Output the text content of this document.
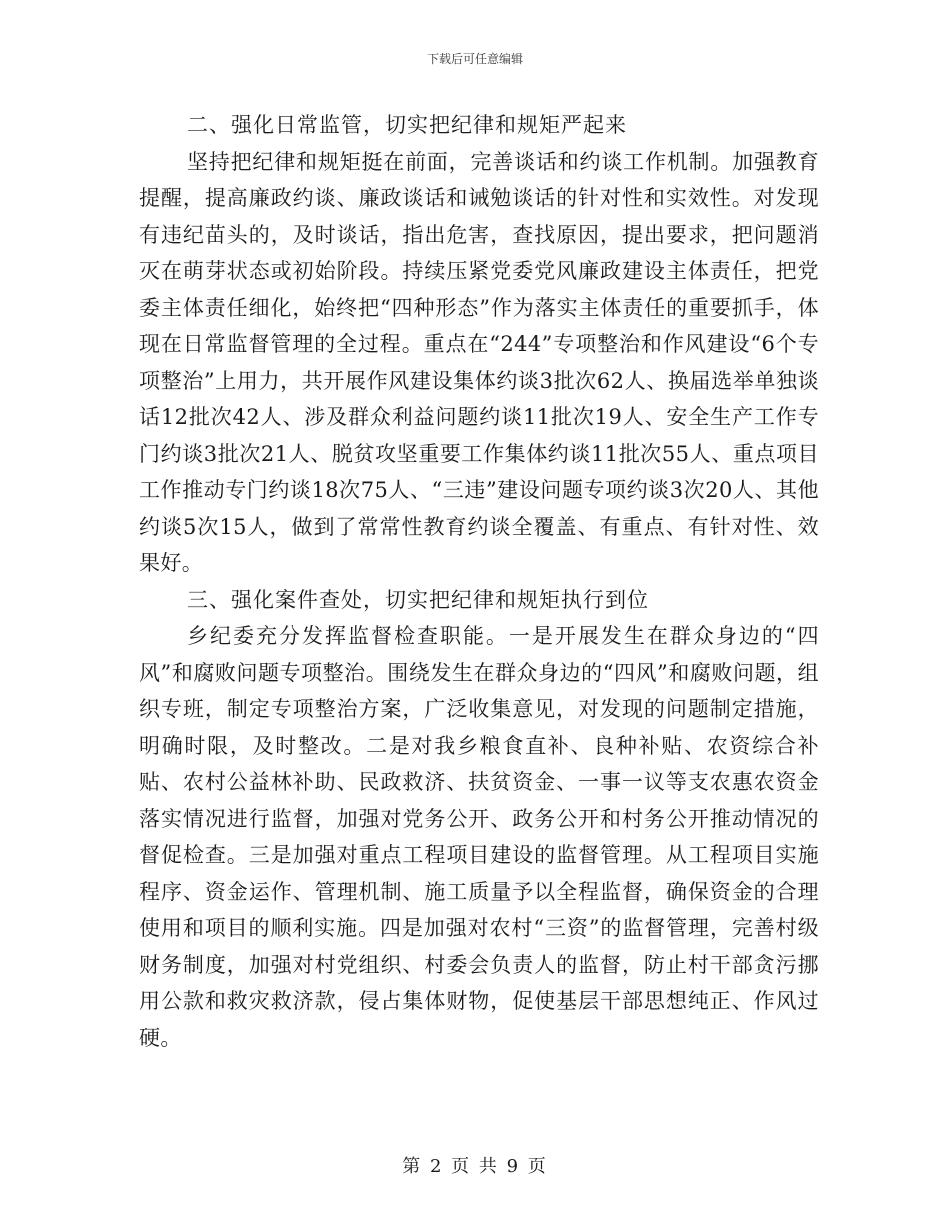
下载后可任意编辑

二、强化日常监管，切实把纪律和规矩严起来

坚持把纪律和规矩挺在前面，完善谈话和约谈工作机制。加强教育提醒，提高廉政约谈、廉政谈话和诫勉谈话的针对性和实效性。对发现有违纪苗头的，及时谈话，指出危害，查找原因，提出要求，把问题消灭在萌芽状态或初始阶段。持续压紧党委党风廉政建设主体责任，把党委主体责任细化，始终把“四种形态”作为落实主体责任的重要抓手，体现在日常监督管理的全过程。重点在“244”专项整治和作风建设“6个专项整治”上用力，共开展作风建设集体约谈3批次62人、换届选举单独谈话12批次42人、涉及群众利益问题约谈11批次19人、安全生产工作专门约谈3批次21人、脱贫攻坚重要工作集体约谈11批次55人、重点项目工作推动专门约谈18次75人、“三违”建设问题专项约谈3次20人、其他约谈5次15人，做到了常常性教育约谈全覆盖、有重点、有针对性、效果好。

三、强化案件查处，切实把纪律和规矩执行到位

乡纪委充分发挥监督检查职能。一是开展发生在群众身边的“四风”和腐败问题专项整治。围绕发生在群众身边的“四风”和腐败问题，组织专班，制定专项整治方案，广泛收集意见，对发现的问题制定措施，明确时限，及时整改。二是对我乡粮食直补、良种补贴、农资综合补贴、农村公益林补助、民政救济、扶贫资金、一事一议等支农惠农资金落实情况进行监督，加强对党务公开、政务公开和村务公开推动情况的督促检查。三是加强对重点工程项目建设的监督管理。从工程项目实施程序、资金运作、管理机制、施工质量予以全程监督，确保资金的合理使用和项目的顺利实施。四是加强对农村“三资”的监督管理，完善村级财务制度，加强对村党组织、村委会负责人的监督，防止村干部贪污挪用公款和救灾救济款，侵占集体财物，促使基层干部思想纯正、作风过硬。

第 2 页 共 9 页
